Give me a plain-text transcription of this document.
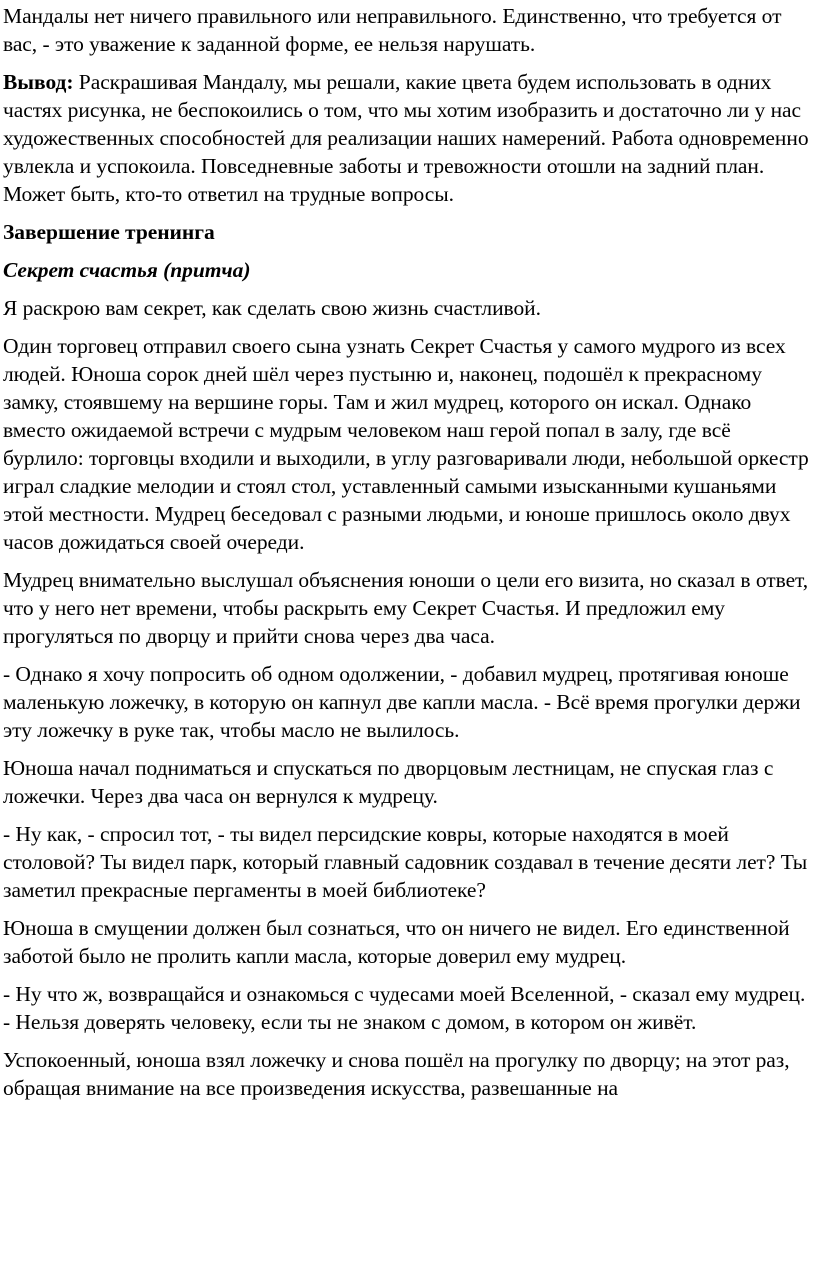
Мандалы нет ничего правильного или неправильного. Единственно, что требуется от вас, - это уважение к заданной форме, ее нельзя нарушать.

Вывод: Раскрашивая Мандалу, мы решали, какие цвета будем использовать в одних частях рисунка, не беспокоились о том, что мы хотим изобразить и достаточно ли у нас художественных способностей для реализации наших намерений. Работа одновременно увлекла и успокоила. Повседневные заботы и тревожности отошли на задний план. Может быть, кто-то ответил на трудные вопросы.

Завершение тренинга

Секрет счастья (притча)

Я раскрою вам секрет, как сделать свою жизнь счастливой.

Один торговец отправил своего сына узнать Секрет Счастья у самого мудрого из всех людей. Юноша сорок дней шёл через пустыню и, наконец, подошёл к прекрасному замку, стоявшему на вершине горы. Там и жил мудрец, которого он искал. Однако вместо ожидаемой встречи с мудрым человеком наш герой попал в залу, где всё бурлило: торговцы входили и выходили, в углу разговаривали люди, небольшой оркестр играл сладкие мелодии и стоял стол, уставленный самыми изысканными кушаньями этой местности. Мудрец беседовал с разными людьми, и юноше пришлось около двух часов дожидаться своей очереди.

Мудрец внимательно выслушал объяснения юноши о цели его визита, но сказал в ответ, что у него нет времени, чтобы раскрыть ему Секрет Счастья. И предложил ему прогуляться по дворцу и прийти снова через два часа.

- Однако я хочу попросить об одном одолжении, - добавил мудрец, протягивая юноше маленькую ложечку, в которую он капнул две капли масла. - Всё время прогулки держи эту ложечку в руке так, чтобы масло не вылилось.

Юноша начал подниматься и спускаться по дворцовым лестницам, не спуская глаз с ложечки. Через два часа он вернулся к мудрецу.

- Ну как, - спросил тот, - ты видел персидские ковры, которые находятся в моей столовой? Ты видел парк, который главный садовник создавал в течение десяти лет? Ты заметил прекрасные пергаменты в моей библиотеке?

Юноша в смущении должен был сознаться, что он ничего не видел. Его единственной заботой было не пролить капли масла, которые доверил ему мудрец.

- Ну что ж, возвращайся и ознакомься с чудесами моей Вселенной, - сказал ему мудрец. - Нельзя доверять человеку, если ты не знаком с домом, в котором он живёт.

Успокоенный, юноша взял ложечку и снова пошёл на прогулку по дворцу; на этот раз, обращая внимание на все произведения искусства, развешанные на
